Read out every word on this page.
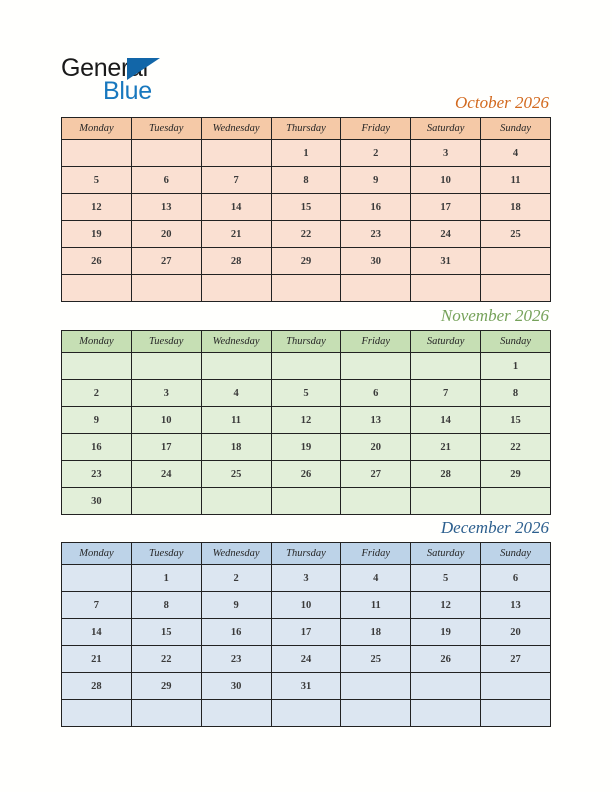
General
Blue	October 2026
Monday	Tuesday	Wednesday	Thursday	Friday	Saturday	Sunday
			1	2	3	4
5	6	7	8	9	10	11
12	13	14	15	16	17	18
19	20	21	22	23	24	25
26	27	28	29	30	31	

November 2026
Monday	Tuesday	Wednesday	Thursday	Friday	Saturday	Sunday
						1
2	3	4	5	6	7	8
9	10	11	12	13	14	15
16	17	18	19	20	21	22
23	24	25	26	27	28	29
30						
December 2026
Monday	Tuesday	Wednesday	Thursday	Friday	Saturday	Sunday
	1	2	3	4	5	6
7	8	9	10	11	12	13
14	15	16	17	18	19	20
21	22	23	24	25	26	27
28	29	30	31			
